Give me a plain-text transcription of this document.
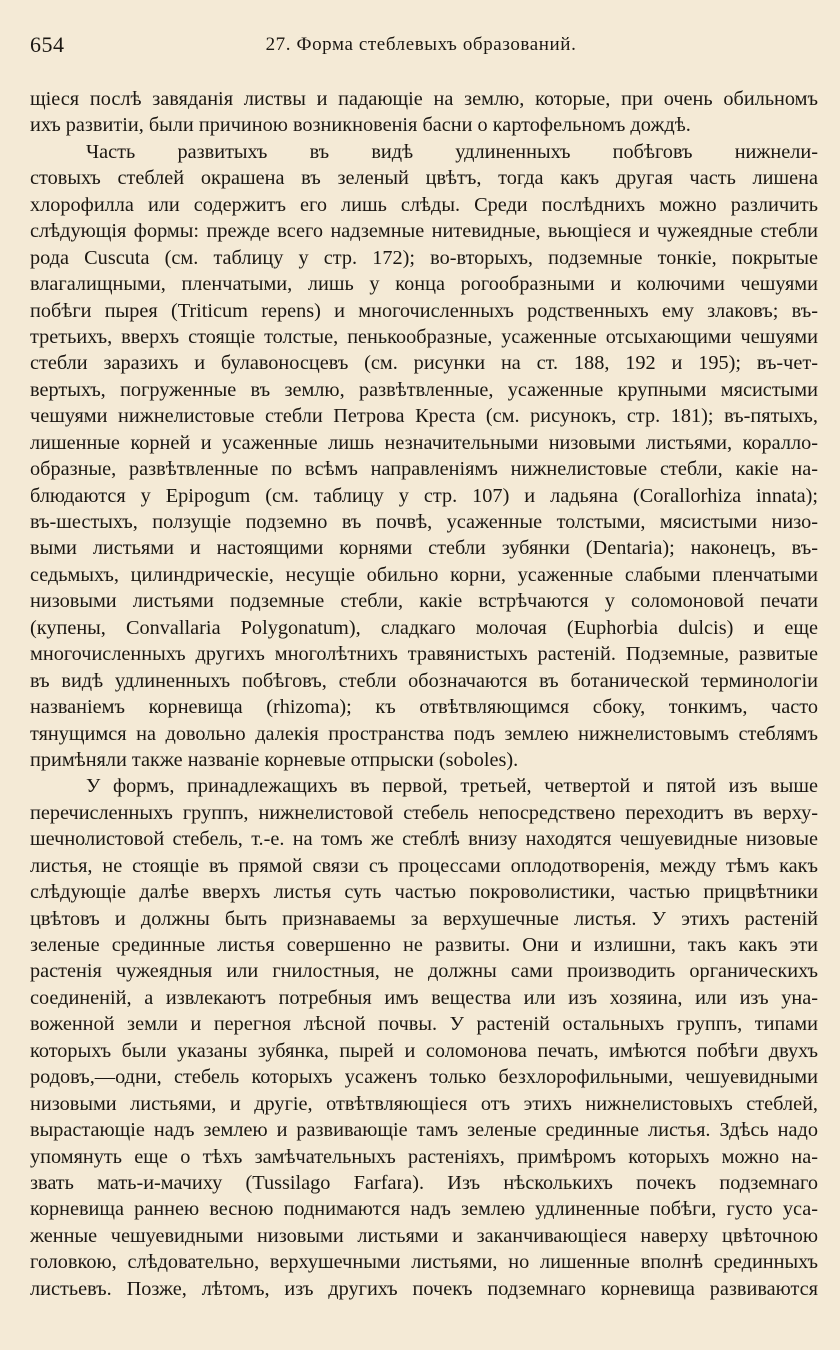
654	27. Форма стеблевыхъ образований.
щіеся послѣ завяданія листвы и падающіе на землю, которые, при очень обильномъ
ихъ развитіи, были причиною возникновенія басни о картофельномъ дождѣ.
Часть развитыхъ въ видѣ удлиненныхъ побѣговъ нижнели-
стовыхъ стеблей окрашена въ зеленый цвѣтъ, тогда какъ другая часть лишена
хлорофилла или содержитъ его лишь слѣды. Среди послѣднихъ можно различить
слѣдующія формы: прежде всего надземные нитевидные, вьющіеся и чужеядные стебли
рода Cuscuta (см. таблицу у стр. 172); во-вторыхъ, подземные тонкіе, покрытые
влагалищными, пленчатыми, лишь у конца рогообразными и колючими чешуями
побѣги пырея (Triticum repens) и многочисленныхъ родственныхъ ему злаковъ; въ-
третьихъ, вверхъ стоящіе толстые, пенькообразные, усаженные отсыхающими чешуями
стебли заразихъ и булавоносцевъ (см. рисунки на ст. 188, 192 и 195); въ-чет-
вертыхъ, погруженные въ землю, развѣтвленные, усаженные крупными мясистыми
чешуями нижнелистовые стебли Петрова Креста (см. рисунокъ, стр. 181); въ-пятыхъ,
лишенные корней и усаженные лишь незначительными низовыми листьями, коралло-
образные, развѣтвленные по всѣмъ направленіямъ нижнелистовые стебли, какіе на-
блюдаются у Epipogum (см. таблицу у стр. 107) и ладьяна (Corallorhiza innata);
въ-шестыхъ, ползущіе подземно въ почвѣ, усаженные толстыми, мясистыми низо-
выми листьями и настоящими корнями стебли зубянки (Dentaria); наконецъ, въ-
седьмыхъ, цилиндрическіе, несущіе обильно корни, усаженные слабыми пленчатыми
низовыми листьями подземные стебли, какіе встрѣчаются у соломоновой печати
(купены, Convallaria Polygonatum), сладкаго молочая (Euphorbia dulcis) и еще
многочисленныхъ другихъ многолѣтнихъ травянистыхъ растеній. Подземные, развитые
въ видѣ удлиненныхъ побѣговъ, стебли обозначаются въ ботанической терминологіи
названіемъ корневища (rhizoma); къ отвѣтвляющимся сбоку, тонкимъ, часто
тянущимся на довольно далекія пространства подъ землею нижнелистовымъ стеблямъ
примѣняли также названіе корневые отпрыски (soboles).
У формъ, принадлежащихъ въ первой, третьей, четвертой и пятой изъ выше
перечисленныхъ группъ, нижнелистовой стебель непосредствено переходитъ въ верху-
шечнолистовой стебель, т.-е. на томъ же стеблѣ внизу находятся чешуевидные низовые
листья, не стоящіе въ прямой связи съ процессами оплодотворенія, между тѣмъ какъ
слѣдующіе далѣе вверхъ листья суть частью покроволистики, частью прицвѣтники
цвѣтовъ и должны быть признаваемы за верхушечные листья. У этихъ растеній
зеленые срединные листья совершенно не развиты. Они и излишни, такъ какъ эти
растенія чужеядныя или гнилостныя, не должны сами производить органическихъ
соединеній, а извлекаютъ потребныя имъ вещества или изъ хозяина, или изъ уна-
воженной земли и перегноя лѣсной почвы. У растеній остальныхъ группъ, типами
которыхъ были указаны зубянка, пырей и соломонова печать, имѣются побѣги двухъ
родовъ,—одни, стебель которыхъ усаженъ только безхлорофильными, чешуевидными
низовыми листьями, и другіе, отвѣтвляющіеся отъ этихъ нижнелистовыхъ стеблей,
вырастающіе надъ землею и развивающіе тамъ зеленые срединные листья. Здѣсь надо
упомянуть еще о тѣхъ замѣчательныхъ растеніяхъ, примѣромъ которыхъ можно на-
звать мать-и-мачиху (Tussilago Farfara). Изъ нѣсколькихъ почекъ подземнаго
корневища раннею весною поднимаются надъ землею удлиненные побѣги, густо уса-
женные чешуевидными низовыми листьями и заканчивающіеся наверху цвѣточною
головкою, слѣдовательно, верхушечными листьями, но лишенные вполнѣ срединныхъ
листьевъ. Позже, лѣтомъ, изъ другихъ почекъ подземнаго корневища развиваются
